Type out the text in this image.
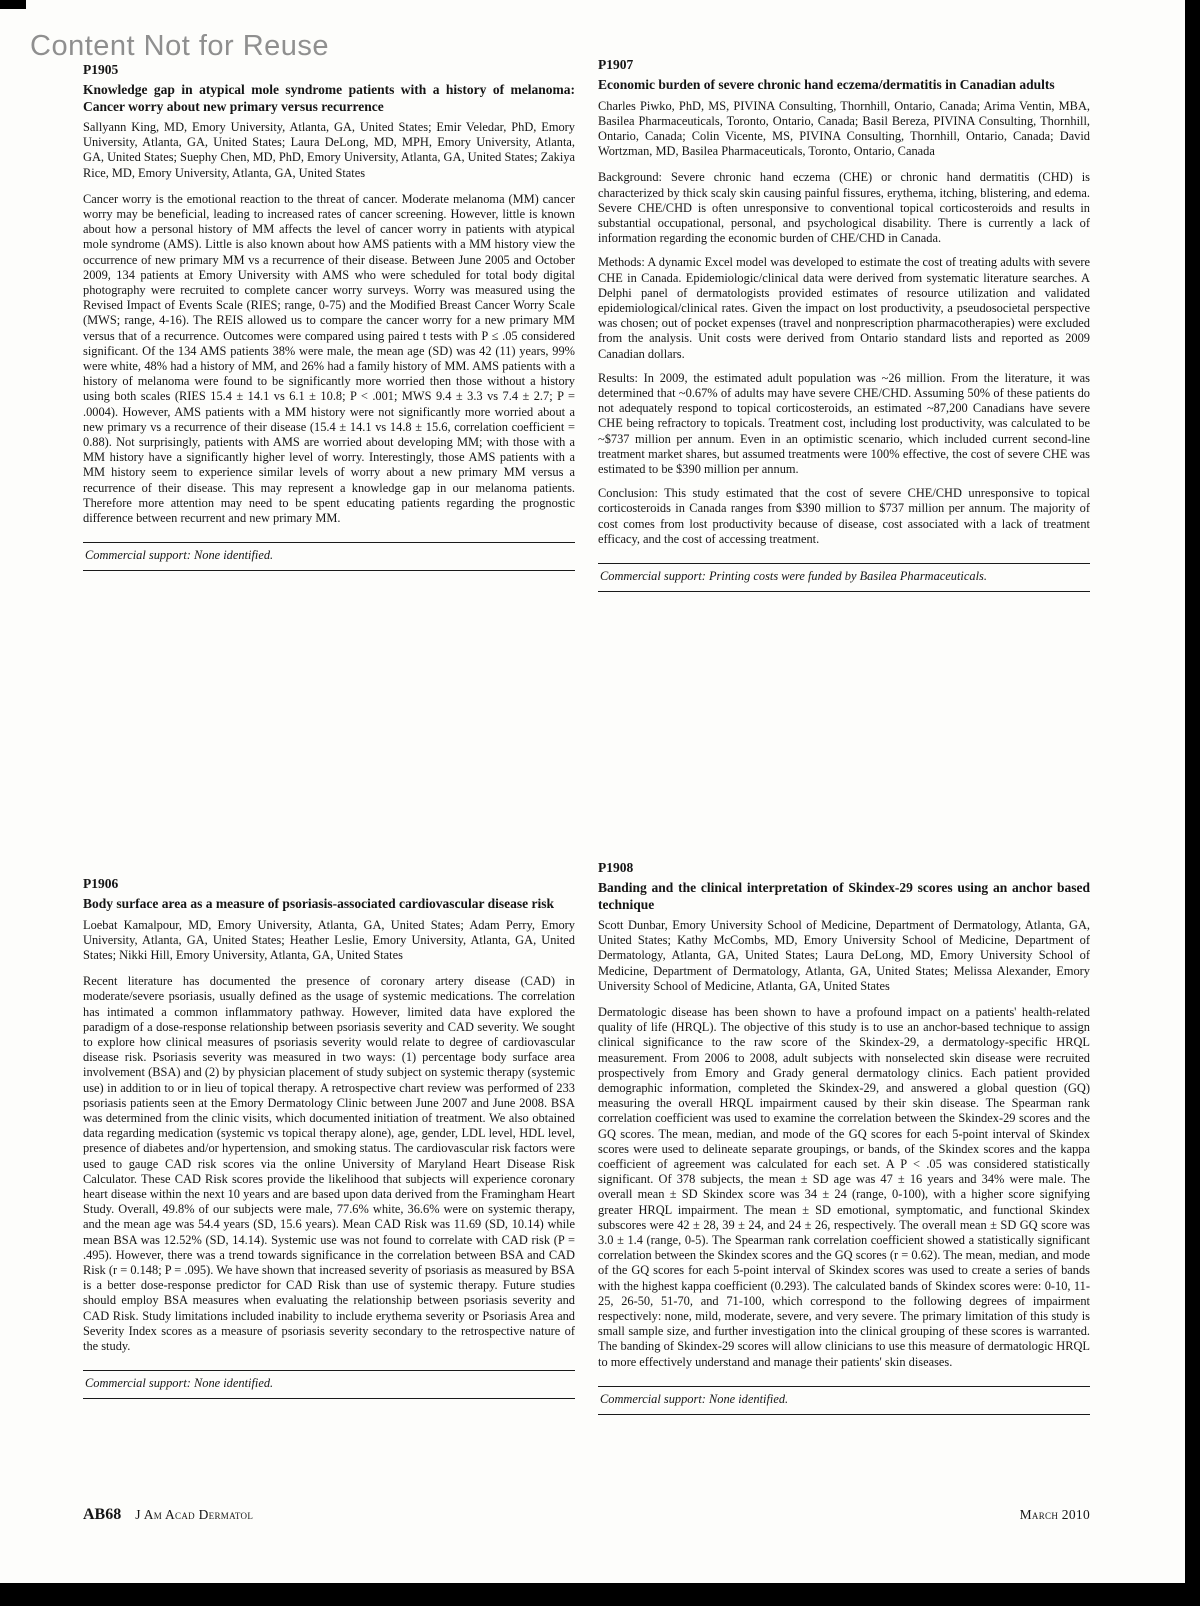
Content Not for Reuse
P1905
Knowledge gap in atypical mole syndrome patients with a history of melanoma: Cancer worry about new primary versus recurrence

Sallyann King, MD, Emory University, Atlanta, GA, United States; Emir Veledar, PhD, Emory University, Atlanta, GA, United States; Laura DeLong, MD, MPH, Emory University, Atlanta, GA, United States; Suephy Chen, MD, PhD, Emory University, Atlanta, GA, United States; Zakiya Rice, MD, Emory University, Atlanta, GA, United States

Cancer worry is the emotional reaction to the threat of cancer. Moderate melanoma (MM) cancer worry may be beneficial, leading to increased rates of cancer screening. However, little is known about how a personal history of MM affects the level of cancer worry in patients with atypical mole syndrome (AMS). Little is also known about how AMS patients with a MM history view the occurrence of new primary MM vs a recurrence of their disease. Between June 2005 and October 2009, 134 patients at Emory University with AMS who were scheduled for total body digital photography were recruited to complete cancer worry surveys. Worry was measured using the Revised Impact of Events Scale (RIES; range, 0-75) and the Modified Breast Cancer Worry Scale (MWS; range, 4-16). The REIS allowed us to compare the cancer worry for a new primary MM versus that of a recurrence. Outcomes were compared using paired t tests with P ≤ .05 considered significant. Of the 134 AMS patients 38% were male, the mean age (SD) was 42 (11) years, 99% were white, 48% had a history of MM, and 26% had a family history of MM. AMS patients with a history of melanoma were found to be significantly more worried then those without a history using both scales (RIES 15.4 ± 14.1 vs 6.1 ± 10.8; P < .001; MWS 9.4 ± 3.3 vs 7.4 ± 2.7; P = .0004). However, AMS patients with a MM history were not significantly more worried about a new primary vs a recurrence of their disease (15.4 ± 14.1 vs 14.8 ± 15.6, correlation coefficient = 0.88). Not surprisingly, patients with AMS are worried about developing MM; with those with a MM history have a significantly higher level of worry. Interestingly, those AMS patients with a MM history seem to experience similar levels of worry about a new primary MM versus a recurrence of their disease. This may represent a knowledge gap in our melanoma patients. Therefore more attention may need to be spent educating patients regarding the prognostic difference between recurrent and new primary MM.

Commercial support: None identified.
P1906
Body surface area as a measure of psoriasis-associated cardiovascular disease risk

Loebat Kamalpour, MD, Emory University, Atlanta, GA, United States; Adam Perry, Emory University, Atlanta, GA, United States; Heather Leslie, Emory University, Atlanta, GA, United States; Nikki Hill, Emory University, Atlanta, GA, United States

Recent literature has documented the presence of coronary artery disease (CAD) in moderate/severe psoriasis, usually defined as the usage of systemic medications. The correlation has intimated a common inflammatory pathway. However, limited data have explored the paradigm of a dose-response relationship between psoriasis severity and CAD severity. We sought to explore how clinical measures of psoriasis severity would relate to degree of cardiovascular disease risk. Psoriasis severity was measured in two ways: (1) percentage body surface area involvement (BSA) and (2) by physician placement of study subject on systemic therapy (systemic use) in addition to or in lieu of topical therapy. A retrospective chart review was performed of 233 psoriasis patients seen at the Emory Dermatology Clinic between June 2007 and June 2008. BSA was determined from the clinic visits, which documented initiation of treatment. We also obtained data regarding medication (systemic vs topical therapy alone), age, gender, LDL level, HDL level, presence of diabetes and/or hypertension, and smoking status. The cardiovascular risk factors were used to gauge CAD risk scores via the online University of Maryland Heart Disease Risk Calculator. These CAD Risk scores provide the likelihood that subjects will experience coronary heart disease within the next 10 years and are based upon data derived from the Framingham Heart Study. Overall, 49.8% of our subjects were male, 77.6% white, 36.6% were on systemic therapy, and the mean age was 54.4 years (SD, 15.6 years). Mean CAD Risk was 11.69 (SD, 10.14) while mean BSA was 12.52% (SD, 14.14). Systemic use was not found to correlate with CAD risk (P = .495). However, there was a trend towards significance in the correlation between BSA and CAD Risk (r = 0.148; P = .095). We have shown that increased severity of psoriasis as measured by BSA is a better dose-response predictor for CAD Risk than use of systemic therapy. Future studies should employ BSA measures when evaluating the relationship between psoriasis severity and CAD Risk. Study limitations included inability to include erythema severity or Psoriasis Area and Severity Index scores as a measure of psoriasis severity secondary to the retrospective nature of the study.

Commercial support: None identified.
P1907
Economic burden of severe chronic hand eczema/dermatitis in Canadian adults

Charles Piwko, PhD, MS, PIVINA Consulting, Thornhill, Ontario, Canada; Arima Ventin, MBA, Basilea Pharmaceuticals, Toronto, Ontario, Canada; Basil Bereza, PIVINA Consulting, Thornhill, Ontario, Canada; Colin Vicente, MS, PIVINA Consulting, Thornhill, Ontario, Canada; David Wortzman, MD, Basilea Pharmaceuticals, Toronto, Ontario, Canada

Background: Severe chronic hand eczema (CHE) or chronic hand dermatitis (CHD) is characterized by thick scaly skin causing painful fissures, erythema, itching, blistering, and edema. Severe CHE/CHD is often unresponsive to conventional topical corticosteroids and results in substantial occupational, personal, and psychological disability. There is currently a lack of information regarding the economic burden of CHE/CHD in Canada.

Methods: A dynamic Excel model was developed to estimate the cost of treating adults with severe CHE in Canada. Epidemiologic/clinical data were derived from systematic literature searches. A Delphi panel of dermatologists provided estimates of resource utilization and validated epidemiological/clinical rates. Given the impact on lost productivity, a pseudosocietal perspective was chosen; out of pocket expenses (travel and nonprescription pharmacotherapies) were excluded from the analysis. Unit costs were derived from Ontario standard lists and reported as 2009 Canadian dollars.

Results: In 2009, the estimated adult population was ~26 million. From the literature, it was determined that ~0.67% of adults may have severe CHE/CHD. Assuming 50% of these patients do not adequately respond to topical corticosteroids, an estimated ~87,200 Canadians have severe CHE being refractory to topicals. Treatment cost, including lost productivity, was calculated to be ~$737 million per annum. Even in an optimistic scenario, which included current second-line treatment market shares, but assumed treatments were 100% effective, the cost of severe CHE was estimated to be $390 million per annum.

Conclusion: This study estimated that the cost of severe CHE/CHD unresponsive to topical corticosteroids in Canada ranges from $390 million to $737 million per annum. The majority of cost comes from lost productivity because of disease, cost associated with a lack of treatment efficacy, and the cost of accessing treatment.

Commercial support: Printing costs were funded by Basilea Pharmaceuticals.
P1908
Banding and the clinical interpretation of Skindex-29 scores using an anchor based technique

Scott Dunbar, Emory University School of Medicine, Department of Dermatology, Atlanta, GA, United States; Kathy McCombs, MD, Emory University School of Medicine, Department of Dermatology, Atlanta, GA, United States; Laura DeLong, MD, Emory University School of Medicine, Department of Dermatology, Atlanta, GA, United States; Melissa Alexander, Emory University School of Medicine, Atlanta, GA, United States

Dermatologic disease has been shown to have a profound impact on a patients' health-related quality of life (HRQL). The objective of this study is to use an anchor-based technique to assign clinical significance to the raw score of the Skindex-29, a dermatology-specific HRQL measurement. From 2006 to 2008, adult subjects with nonselected skin disease were recruited prospectively from Emory and Grady general dermatology clinics. Each patient provided demographic information, completed the Skindex-29, and answered a global question (GQ) measuring the overall HRQL impairment caused by their skin disease. The Spearman rank correlation coefficient was used to examine the correlation between the Skindex-29 scores and the GQ scores. The mean, median, and mode of the GQ scores for each 5-point interval of Skindex scores were used to delineate separate groupings, or bands, of the Skindex scores and the kappa coefficient of agreement was calculated for each set. A P < .05 was considered statistically significant. Of 378 subjects, the mean ± SD age was 47 ± 16 years and 34% were male. The overall mean ± SD Skindex score was 34 ± 24 (range, 0-100), with a higher score signifying greater HRQL impairment. The mean ± SD emotional, symptomatic, and functional Skindex subscores were 42 ± 28, 39 ± 24, and 24 ± 26, respectively. The overall mean ± SD GQ score was 3.0 ± 1.4 (range, 0-5). The Spearman rank correlation coefficient showed a statistically significant correlation between the Skindex scores and the GQ scores (r = 0.62). The mean, median, and mode of the GQ scores for each 5-point interval of Skindex scores was used to create a series of bands with the highest kappa coefficient (0.293). The calculated bands of Skindex scores were: 0-10, 11-25, 26-50, 51-70, and 71-100, which correspond to the following degrees of impairment respectively: none, mild, moderate, severe, and very severe. The primary limitation of this study is small sample size, and further investigation into the clinical grouping of these scores is warranted. The banding of Skindex-29 scores will allow clinicians to use this measure of dermatologic HRQL to more effectively understand and manage their patients' skin diseases.

Commercial support: None identified.
AB68 J Am Acad Dermatol	March 2010
